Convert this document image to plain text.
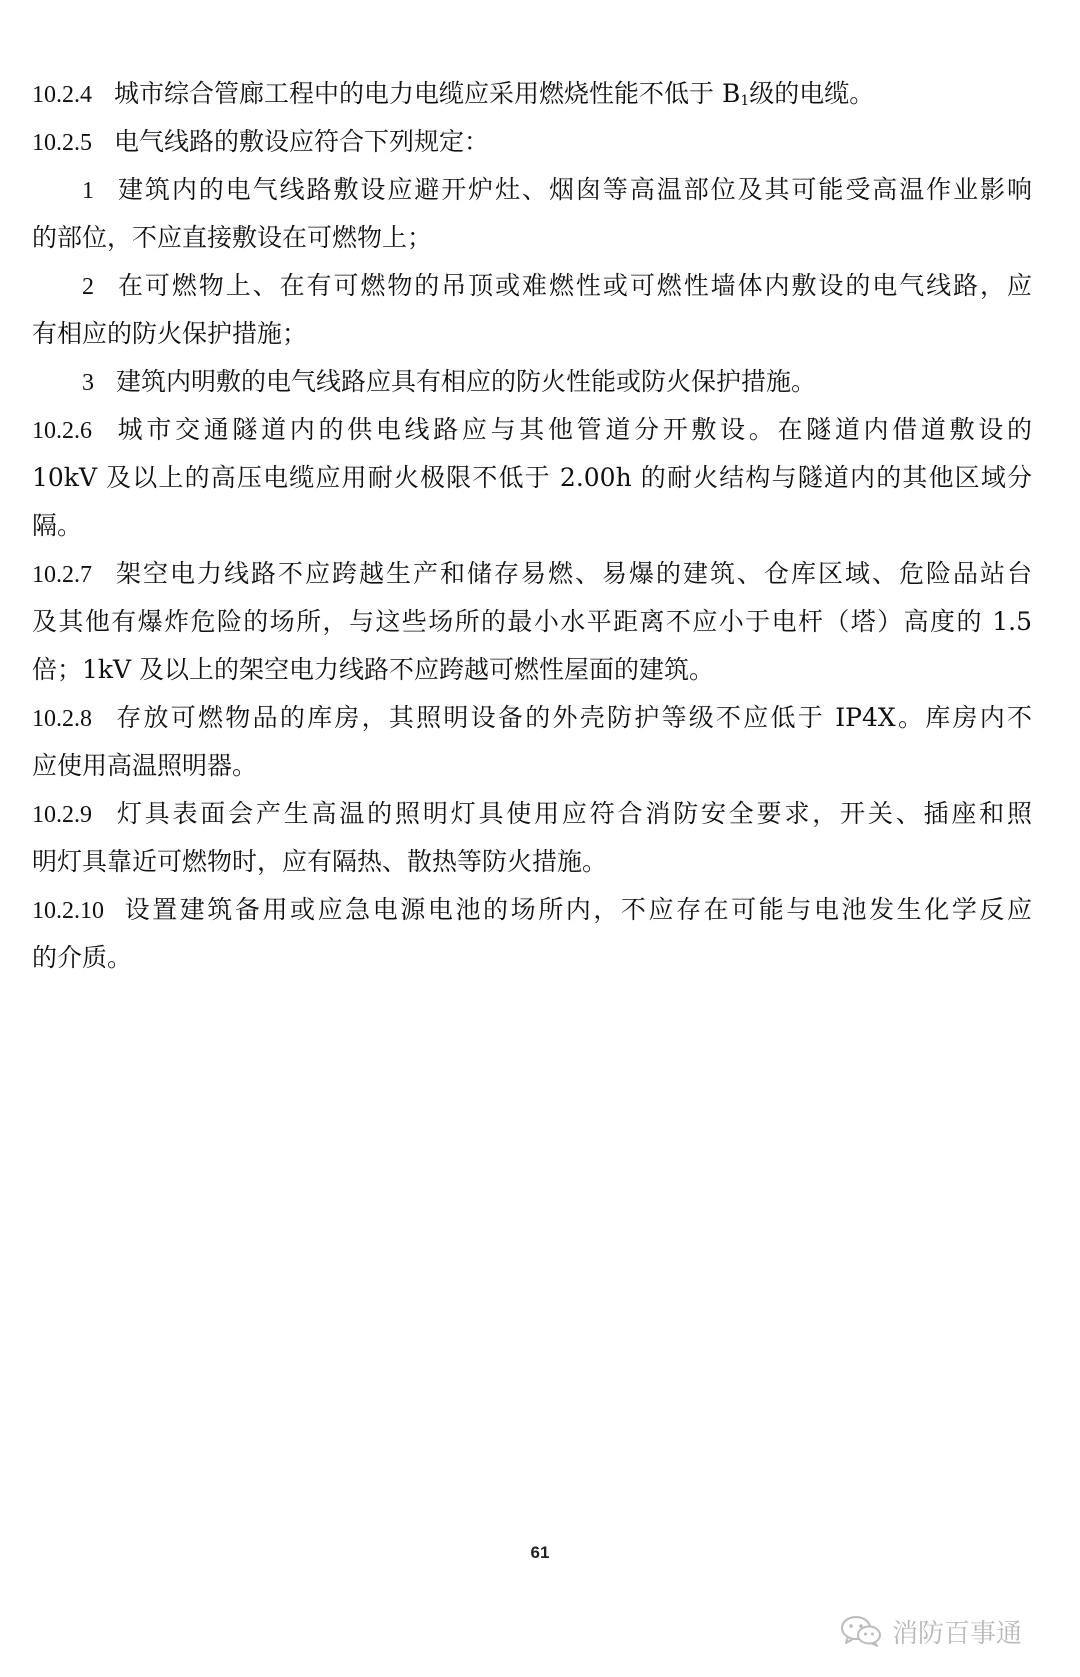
10.2.4 城市综合管廊工程中的电力电缆应采用燃烧性能不低于 $B_1$级的电缆。
10.2.5 电气线路的敷设应符合下列规定：
1 建筑内的电气线路敷设应避开炉灶、烟囱等高温部位及其可能受高温作业影响
的部位，不应直接敷设在可燃物上；
2 在可燃物上、在有可燃物的吊顶或难燃性或可燃性墙体内敷设的电气线路，应
有相应的防火保护措施；
3 建筑内明敷的电气线路应具有相应的防火性能或防火保护措施。
10.2.6 城市交通隧道内的供电线路应与其他管道分开敷设。在隧道内借道敷设的
10kV 及以上的高压电缆应用耐火极限不低于 2.00h 的耐火结构与隧道内的其他区域分
隔。
10.2.7 架空电力线路不应跨越生产和储存易燃、易爆的建筑、仓库区域、危险品站台
及其他有爆炸危险的场所，与这些场所的最小水平距离不应小于电杆（塔）高度的 1.5
倍；1kV 及以上的架空电力线路不应跨越可燃性屋面的建筑。
10.2.8 存放可燃物品的库房，其照明设备的外壳防护等级不应低于 IP4X。库房内不
应使用高温照明器。
10.2.9 灯具表面会产生高温的照明灯具使用应符合消防安全要求，开关、插座和照
明灯具靠近可燃物时，应有隔热、散热等防火措施。
10.2.10 设置建筑备用或应急电源电池的场所内，不应存在可能与电池发生化学反应
的介质。
61
消防百事通
